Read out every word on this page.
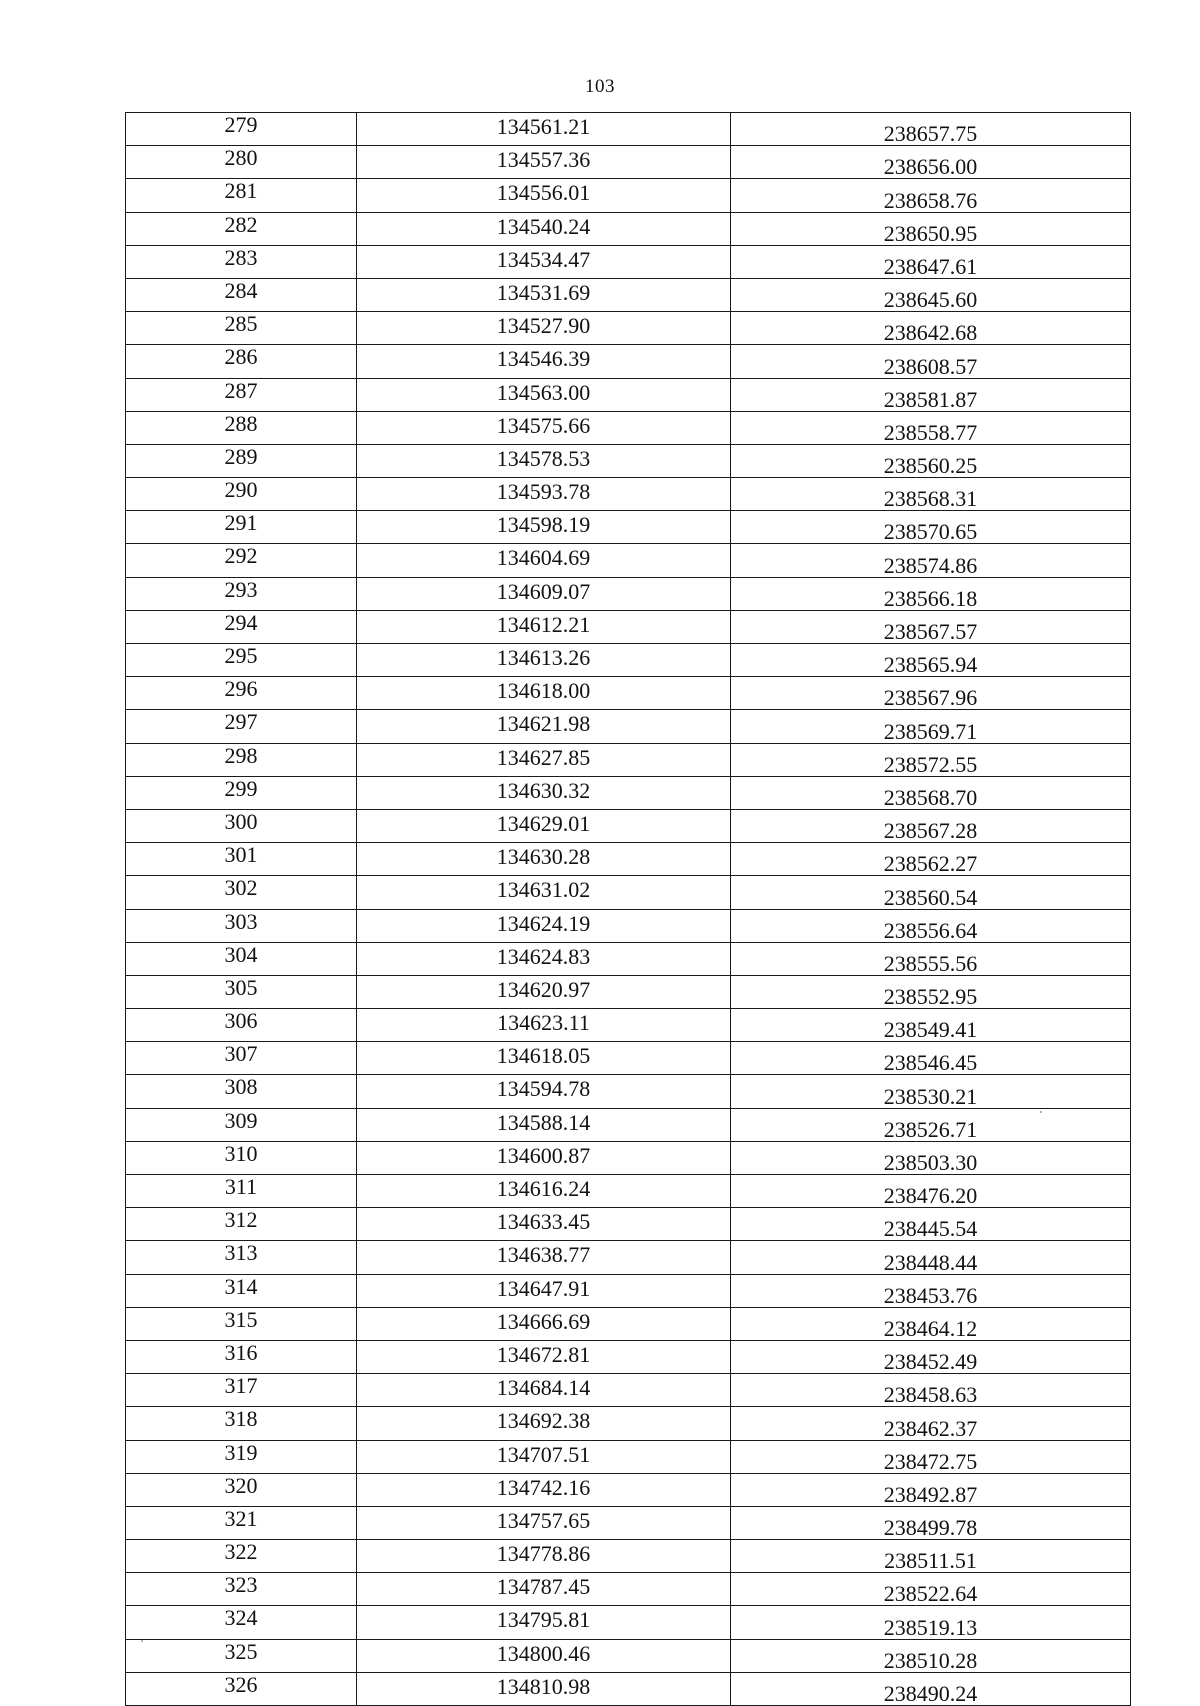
103
279	134561.21	238657.75
280	134557.36	238656.00
281	134556.01	238658.76
282	134540.24	238650.95
283	134534.47	238647.61
284	134531.69	238645.60
285	134527.90	238642.68
286	134546.39	238608.57
287	134563.00	238581.87
288	134575.66	238558.77
289	134578.53	238560.25
290	134593.78	238568.31
291	134598.19	238570.65
292	134604.69	238574.86
293	134609.07	238566.18
294	134612.21	238567.57
295	134613.26	238565.94
296	134618.00	238567.96
297	134621.98	238569.71
298	134627.85	238572.55
299	134630.32	238568.70
300	134629.01	238567.28
301	134630.28	238562.27
302	134631.02	238560.54
303	134624.19	238556.64
304	134624.83	238555.56
305	134620.97	238552.95
306	134623.11	238549.41
307	134618.05	238546.45
308	134594.78	238530.21
309	134588.14	238526.71
310	134600.87	238503.30
311	134616.24	238476.20
312	134633.45	238445.54
313	134638.77	238448.44
314	134647.91	238453.76
315	134666.69	238464.12
316	134672.81	238452.49
317	134684.14	238458.63
318	134692.38	238462.37
319	134707.51	238472.75
320	134742.16	238492.87
321	134757.65	238499.78
322	134778.86	238511.51
323	134787.45	238522.64
324	134795.81	238519.13
325	134800.46	238510.28
326	134810.98	238490.24
